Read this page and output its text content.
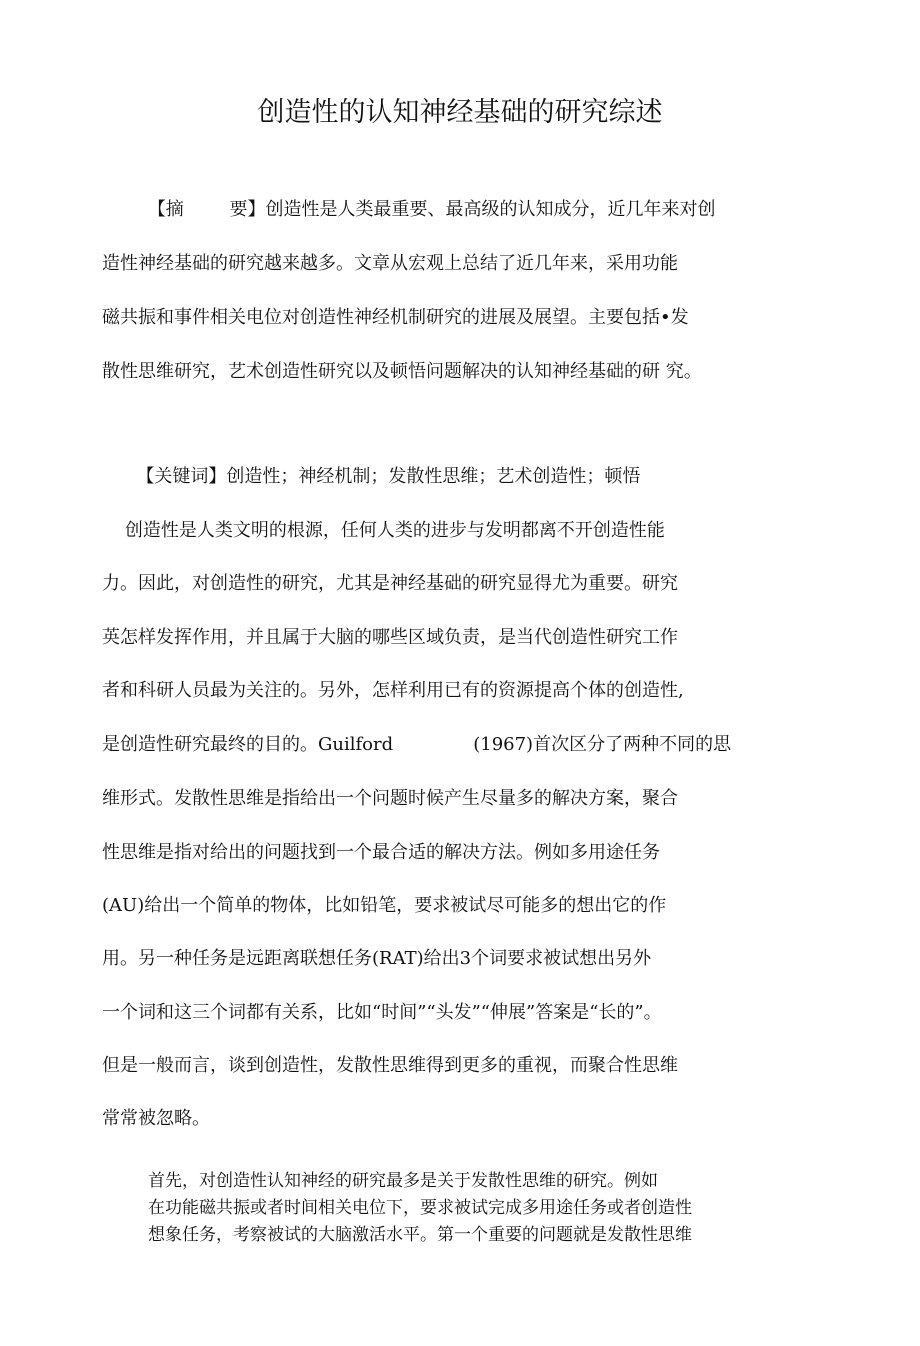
创造性的认知神经基础的研究综述
【摘        要】创造性是人类最重要、最高级的认知成分，近几年来对创
造性神经基础的研究越来越多。文章从宏观上总结了近几年来，采用功能
磁共振和事件相关电位对创造性神经机制研究的进展及展望。主要包括•发
散性思维研究，艺术创造性研究以及顿悟问题解决的认知神经基础的研 究。
【关键词】创造性；神经机制；发散性思维；艺术创造性；顿悟
创造性是人类文明的根源，任何人类的进步与发明都离不开创造性能
力。因此，对创造性的研究，尤其是神经基础的研究显得尤为重要。研究
英怎样发挥作用，并且属于大脑的哪些区域负责，是当代创造性研究工作
者和科研人员最为关注的。另外，怎样利用已有的资源提高个体的创造性,
是创造性研究最终的目的。Guilford              (1967)首次区分了两种不同的思
维形式。发散性思维是指给出一个问题时候产生尽量多的解决方案，聚合
性思维是指对给出的问题找到一个最合适的解决方法。例如多用途任务
(AU)给出一个简单的物体，比如铅笔，要求被试尽可能多的想出它的作
用。另一种任务是远距离联想任务(RAT)给出3个词要求被试想出另外
一个词和这三个词都有关系，比如“时间”“头发”“伸展”答案是“长的”。
但是一般而言，谈到创造性，发散性思维得到更多的重视，而聚合性思维
常常被忽略。
首先，对创造性认知神经的研究最多是关于发散性思维的研究。例如
在功能磁共振或者时间相关电位下，要求被试完成多用途任务或者创造性
想象任务，考察被试的大脑激活水平。第一个重要的问题就是发散性思维
